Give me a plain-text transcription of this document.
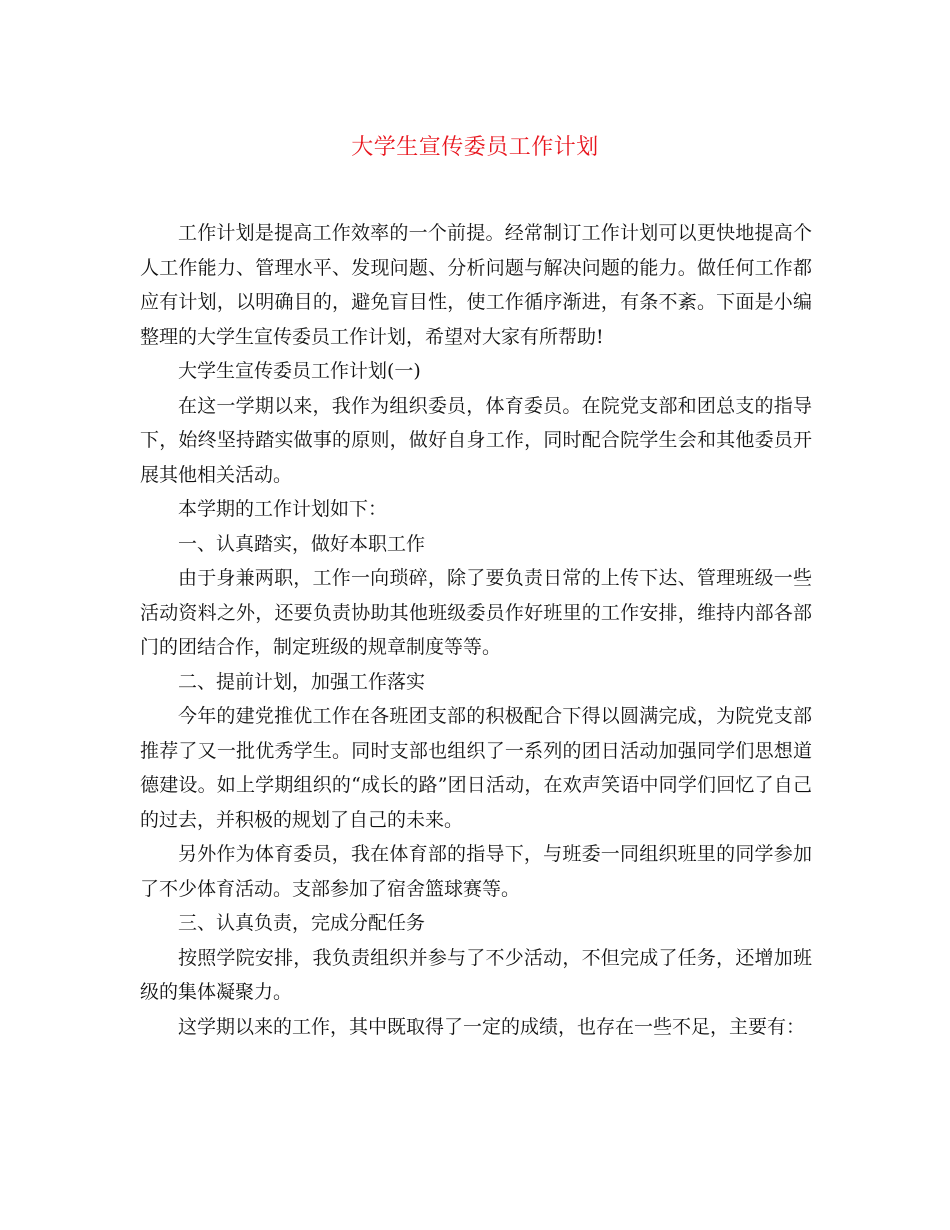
大学生宣传委员工作计划

工作计划是提高工作效率的一个前提。经常制订工作计划可以更快地提高个人工作能力、管理水平、发现问题、分析问题与解决问题的能力。做任何工作都应有计划，以明确目的，避免盲目性，使工作循序渐进，有条不紊。下面是小编整理的大学生宣传委员工作计划，希望对大家有所帮助!

大学生宣传委员工作计划(一)

在这一学期以来，我作为组织委员，体育委员。在院党支部和团总支的指导下，始终坚持踏实做事的原则，做好自身工作，同时配合院学生会和其他委员开展其他相关活动。

本学期的工作计划如下：

一、认真踏实，做好本职工作

由于身兼两职，工作一向琐碎，除了要负责日常的上传下达、管理班级一些活动资料之外，还要负责协助其他班级委员作好班里的工作安排，维持内部各部门的团结合作，制定班级的规章制度等等。

二、提前计划，加强工作落实

今年的建党推优工作在各班团支部的积极配合下得以圆满完成，为院党支部推荐了又一批优秀学生。同时支部也组织了一系列的团日活动加强同学们思想道德建设。如上学期组织的“成长的路”团日活动，在欢声笑语中同学们回忆了自己的过去，并积极的规划了自己的未来。

另外作为体育委员，我在体育部的指导下，与班委一同组织班里的同学参加了不少体育活动。支部参加了宿舍篮球赛等。

三、认真负责，完成分配任务

按照学院安排，我负责组织并参与了不少活动，不但完成了任务，还增加班级的集体凝聚力。

这学期以来的工作，其中既取得了一定的成绩，也存在一些不足，主要有：
